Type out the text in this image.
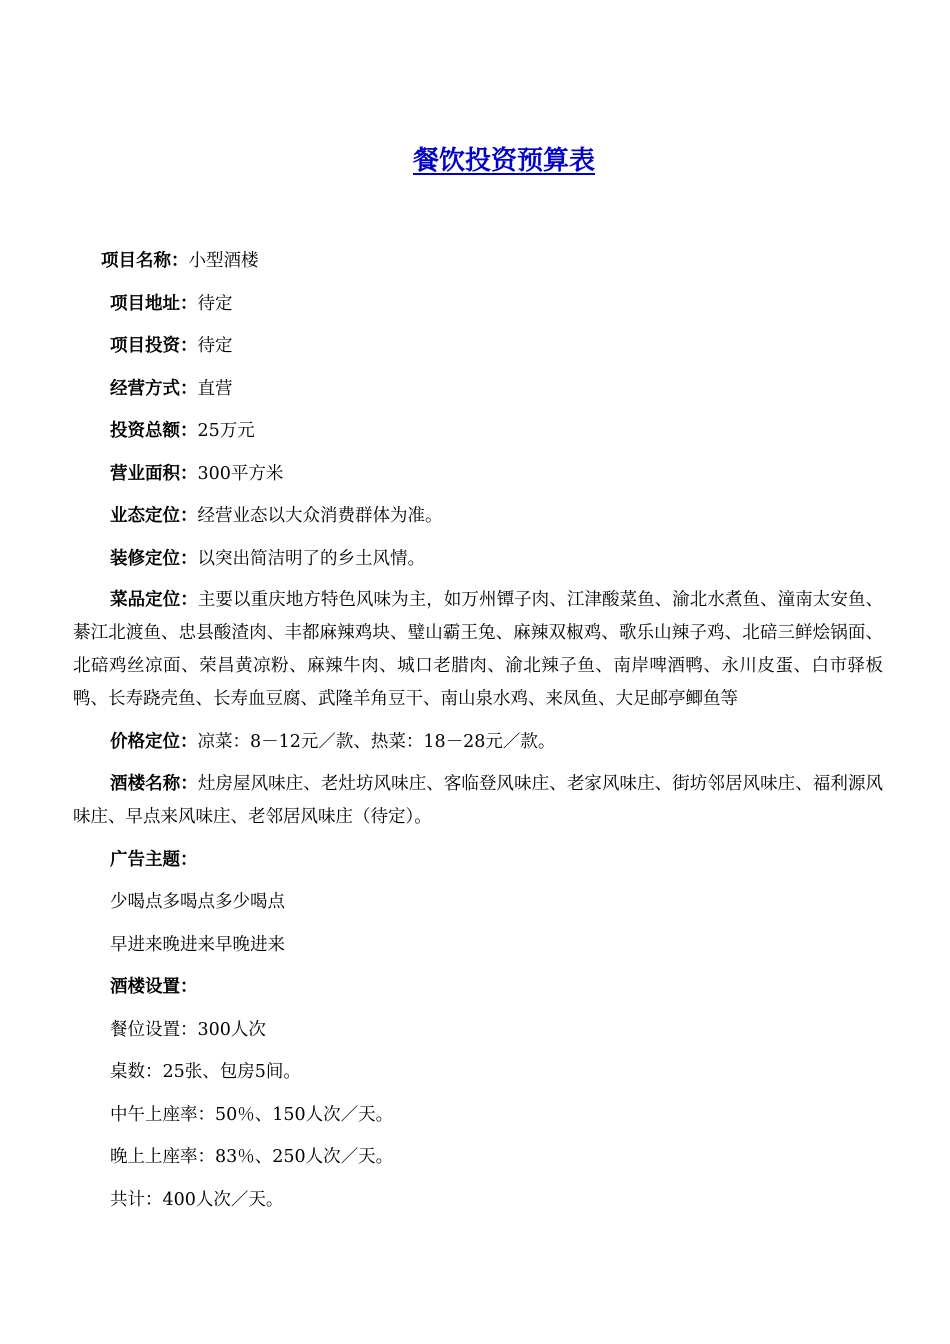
餐饮投资预算表
项目名称：小型酒楼
项目地址：待定
项目投资：待定
经营方式：直营
投资总额：25万元
营业面积：300平方米
业态定位：经营业态以大众消费群体为准。
装修定位：以突出简洁明了的乡土风情。
菜品定位：主要以重庆地方特色风味为主，如万州镡子肉、江津酸菜鱼、渝北水煮鱼、潼南太安鱼、綦江北渡鱼、忠县酸渣肉、丰都麻辣鸡块、璧山霸王兔、麻辣双椒鸡、歌乐山辣子鸡、北碚三鲜烩锅面、北碚鸡丝凉面、荣昌黄凉粉、麻辣牛肉、城口老腊肉、渝北辣子鱼、南岸啤酒鸭、永川皮蛋、白市驿板鸭、长寿跷壳鱼、长寿血豆腐、武隆羊角豆干、南山泉水鸡、来凤鱼、大足邮亭鲫鱼等
价格定位：凉菜：8－12元／款、热菜：18－28元／款。
酒楼名称：灶房屋风味庄、老灶坊风味庄、客临登风味庄、老家风味庄、街坊邻居风味庄、福利源风味庄、早点来风味庄、老邻居风味庄（待定）。
广告主题：
少喝点多喝点多少喝点
早进来晚进来早晚进来
酒楼设置：
餐位设置：300人次
桌数：25张、包房5间。
中午上座率：50％、150人次／天。
晚上上座率：83％、250人次／天。
共计：400人次／天。
